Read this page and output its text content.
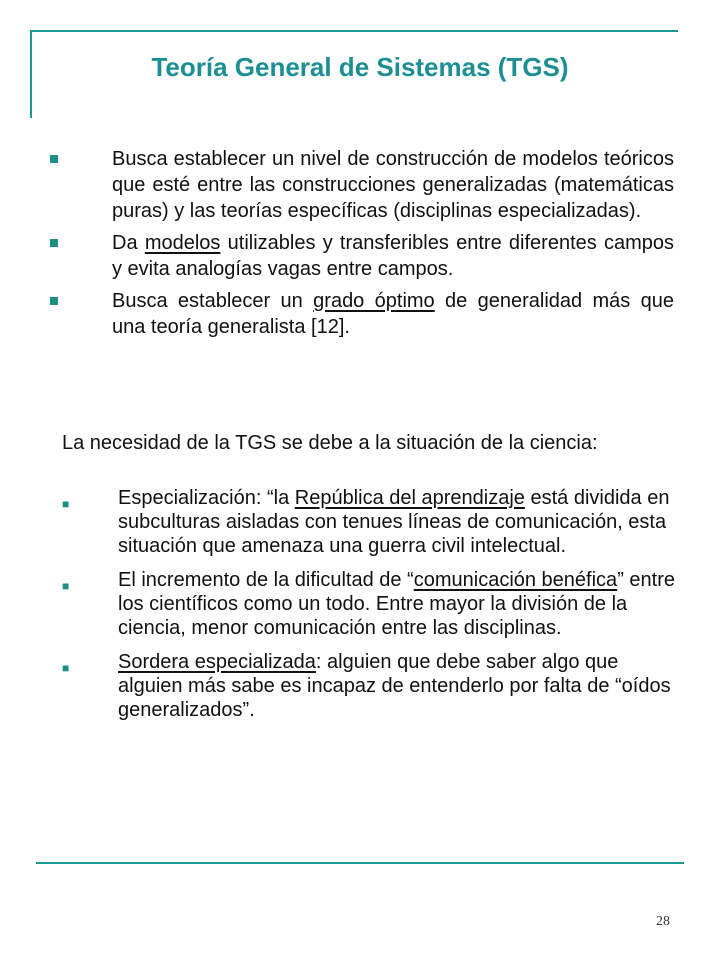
Teoría General de Sistemas (TGS)
Busca establecer un nivel de construcción de modelos teóricos que esté entre las construcciones generalizadas (matemáticas puras) y las teorías específicas (disciplinas especializadas).
Da modelos utilizables y transferibles entre diferentes campos y evita analogías vagas entre campos.
Busca establecer un grado óptimo de generalidad más que una teoría generalista [12].
La necesidad de la TGS se debe a la situación de la ciencia:
■ Especialización: “la República del aprendizaje está dividida en subculturas aisladas con tenues líneas de comunicación, esta situación que amenaza una guerra civil intelectual.
■ El incremento de la dificultad de “comunicación benéfica” entre los científicos como un todo. Entre mayor la división de la ciencia, menor comunicación entre las disciplinas.
■ Sordera especializada: alguien que debe saber algo que alguien más sabe es incapaz de entenderlo por falta de “oídos generalizados”.
28
